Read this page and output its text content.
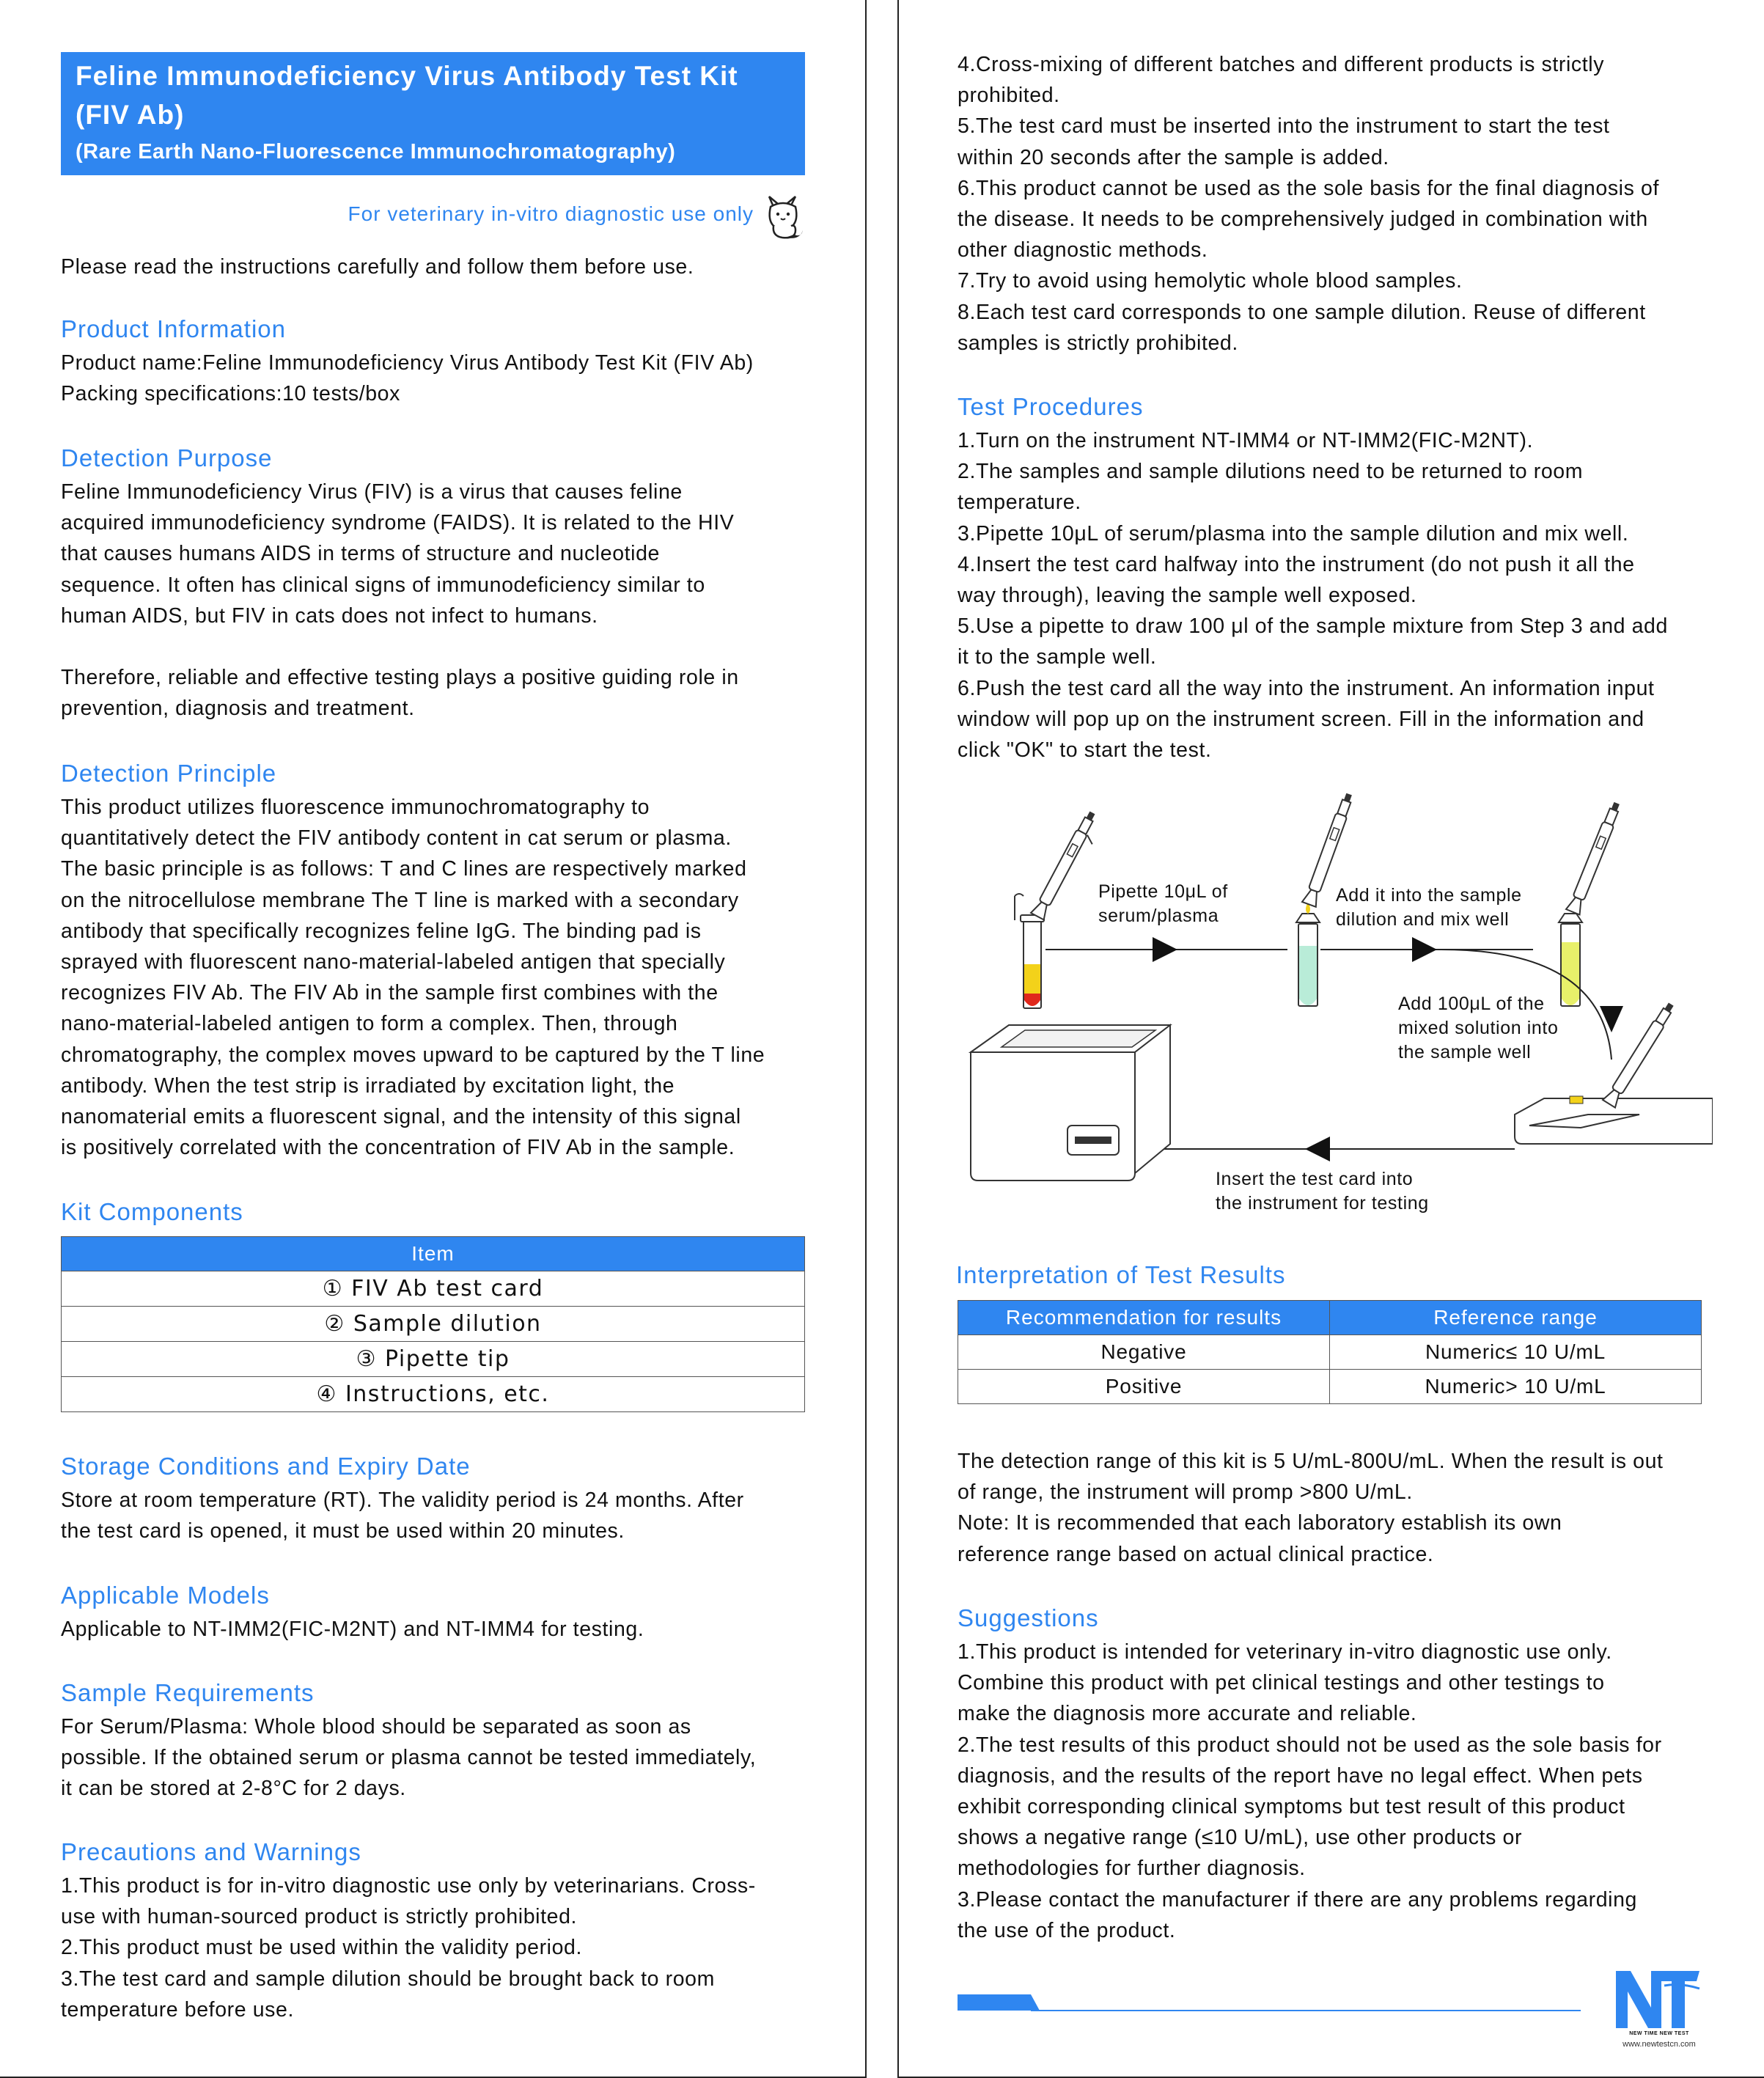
Feline Immunodeficiency Virus Antibody Test Kit
(FIV Ab)
(Rare Earth Nano-Fluorescence Immunochromatography)
For veterinary in-vitro diagnostic use only
Please read the instructions carefully and follow them before use.
Product Information
Product name:Feline Immunodeficiency Virus Antibody Test Kit (FIV Ab)
Packing specifications:10 tests/box
Detection Purpose
Feline Immunodeficiency Virus (FIV) is a virus that causes feline
acquired immunodeficiency syndrome (FAIDS). It is related to the HIV
that causes humans AIDS in terms of structure and nucleotide
sequence. It often has clinical signs of immunodeficiency similar to
human AIDS, but FIV in cats does not infect to humans.
Therefore, reliable and effective testing plays a positive guiding role in
prevention, diagnosis and treatment.
Detection Principle
This product utilizes fluorescence immunochromatography to
quantitatively detect the FIV antibody content in cat serum or plasma.
The basic principle is as follows: T and C lines are respectively marked
on the nitrocellulose membrane The T line is marked with a secondary
antibody that specifically recognizes feline IgG. The binding pad is
sprayed with fluorescent nano-material-labeled antigen that specially
recognizes FIV Ab. The FIV Ab in the sample first combines with the
nano-material-labeled antigen to form a complex. Then, through
chromatography, the complex moves upward to be captured by the T line
antibody. When the test strip is irradiated by excitation light, the
nanomaterial emits a fluorescent signal, and the intensity of this signal
is positively correlated with the concentration of FIV Ab in the sample.
Kit Components
Item
① FIV Ab test card
② Sample dilution
③ Pipette tip
④ Instructions, etc.
Storage Conditions and Expiry Date
Store at room temperature (RT). The validity period is 24 months. After
the test card is opened, it must be used within 20 minutes.
Applicable Models
Applicable to NT-IMM2(FIC-M2NT) and NT-IMM4 for testing.
Sample Requirements
For Serum/Plasma: Whole blood should be separated as soon as
possible. If the obtained serum or plasma cannot be tested immediately,
it can be stored at 2-8°C for 2 days.
Precautions and Warnings
1.This product is for in-vitro diagnostic use only by veterinarians. Cross-
use with human-sourced product is strictly prohibited.
2.This product must be used within the validity period.
3.The test card and sample dilution should be brought back to room
temperature before use.
4.Cross-mixing of different batches and different products is strictly
prohibited.
5.The test card must be inserted into the instrument to start the test
within 20 seconds after the sample is added.
6.This product cannot be used as the sole basis for the final diagnosis of
the disease. It needs to be comprehensively judged in combination with
other diagnostic methods.
7.Try to avoid using hemolytic whole blood samples.
8.Each test card corresponds to one sample dilution. Reuse of different
samples is strictly prohibited.
Test Procedures
1.Turn on the instrument NT-IMM4 or NT-IMM2(FIC-M2NT).
2.The samples and sample dilutions need to be returned to room
temperature.
3.Pipette 10μL of serum/plasma into the sample dilution and mix well.
4.Insert the test card halfway into the instrument (do not push it all the
way through), leaving the sample well exposed.
5.Use a pipette to draw 100 μl of the sample mixture from Step 3 and add
it to the sample well.
6.Push the test card all the way into the instrument. An information input
window will pop up on the instrument screen. Fill in the information and
click "OK" to start the test.
Pipette 10μL of
serum/plasma
Add it into the sample
dilution and mix well
Add 100μL of the
mixed solution into
the sample well
Insert the test card into
the instrument for testing
Interpretation of Test Results
Recommendation for results	Reference range
Negative	Numeric≤ 10 U/mL
Positive	Numeric> 10 U/mL
The detection range of this kit is 5 U/mL-800U/mL. When the result is out
of range, the instrument will promp >800 U/mL.
Note: It is recommended that each laboratory establish its own
reference range based on actual clinical practice.
Suggestions
1.This product is intended for veterinary in-vitro diagnostic use only.
Combine this product with pet clinical testings and other testings to
make the diagnosis more accurate and reliable.
2.The test results of this product should not be used as the sole basis for
diagnosis, and the results of the report have no legal effect. When pets
exhibit corresponding clinical symptoms but test result of this product
shows a negative range (≤10 U/mL), use other products or
methodologies for further diagnosis.
3.Please contact the manufacturer if there are any problems regarding
the use of the product.
NEW TIME NEW TEST
www.newtestcn.com
